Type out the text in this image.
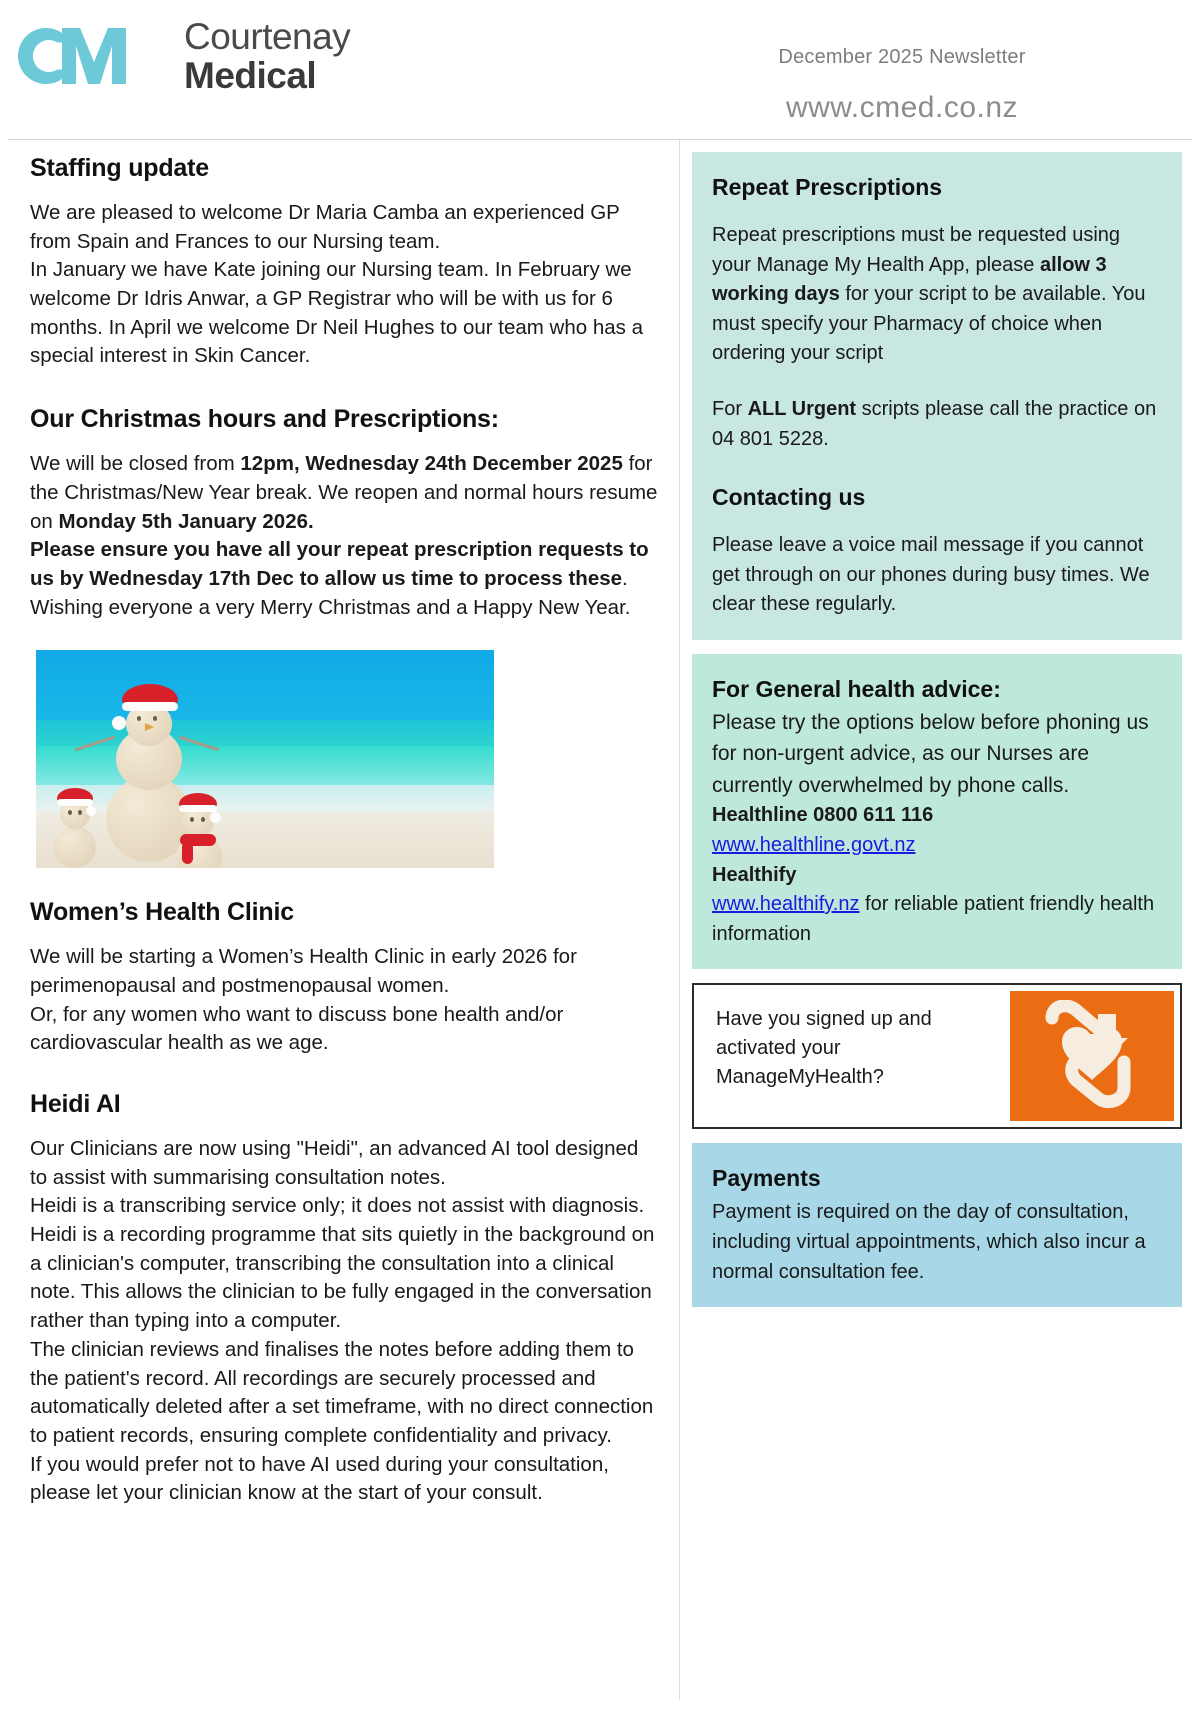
Courtenay
Medical	December 2025 Newsletter
www.cmed.co.nz
Staffing update

We are pleased to welcome Dr Maria Camba an experienced GP from Spain and Frances to our Nursing team.

In January we have Kate joining our Nursing team. In February we welcome Dr Idris Anwar, a GP Registrar who will be with us for 6 months. In April we welcome Dr Neil Hughes to our team who has a special interest in Skin Cancer.

Our Christmas hours and Prescriptions:

We will be closed from 12pm, Wednesday 24th December 2025 for the Christmas/New Year break. We reopen and normal hours resume on Monday 5th January 2026.

Please ensure you have all your repeat prescription requests to us by Wednesday 17th Dec to allow us time to process these.

Wishing everyone a very Merry Christmas and a Happy New Year.

Women’s Health Clinic

We will be starting a Women’s Health Clinic in early 2026 for perimenopausal and postmenopausal women.

Or, for any women who want to discuss bone health and/or cardiovascular health as we age.

Heidi AI

Our Clinicians are now using "Heidi", an advanced AI tool designed to assist with summarising consultation notes.

Heidi is a transcribing service only; it does not assist with diagnosis.

Heidi is a recording programme that sits quietly in the background on a clinician's computer, transcribing the consultation into a clinical note. This allows the clinician to be fully engaged in the conversation rather than typing into a computer.

The clinician reviews and finalises the notes before adding them to the patient's record. All recordings are securely processed and automatically deleted after a set timeframe, with no direct connection to patient records, ensuring complete confidentiality and privacy.

If you would prefer not to have AI used during your consultation, please let your clinician know at the start of your consult.

Repeat Prescriptions

Repeat prescriptions must be requested using your Manage My Health App, please allow 3 working days for your script to be available. You must specify your Pharmacy of choice when ordering your script

For ALL Urgent scripts please call the practice on 04 801 5228.

Contacting us

Please leave a voice mail message if you cannot get through on our phones during busy times. We clear these regularly.

For General health advice:

Please try the options below before phoning us for non-urgent advice, as our Nurses are currently overwhelmed by phone calls.

Healthline 0800 611 116

www.healthline.govt.nz

Healthify

www.healthify.nz for reliable patient friendly health information

Have you signed up and activated your ManageMyHealth?
Payments

Payment is required on the day of consultation, including virtual appointments, which also incur a normal consultation fee.
